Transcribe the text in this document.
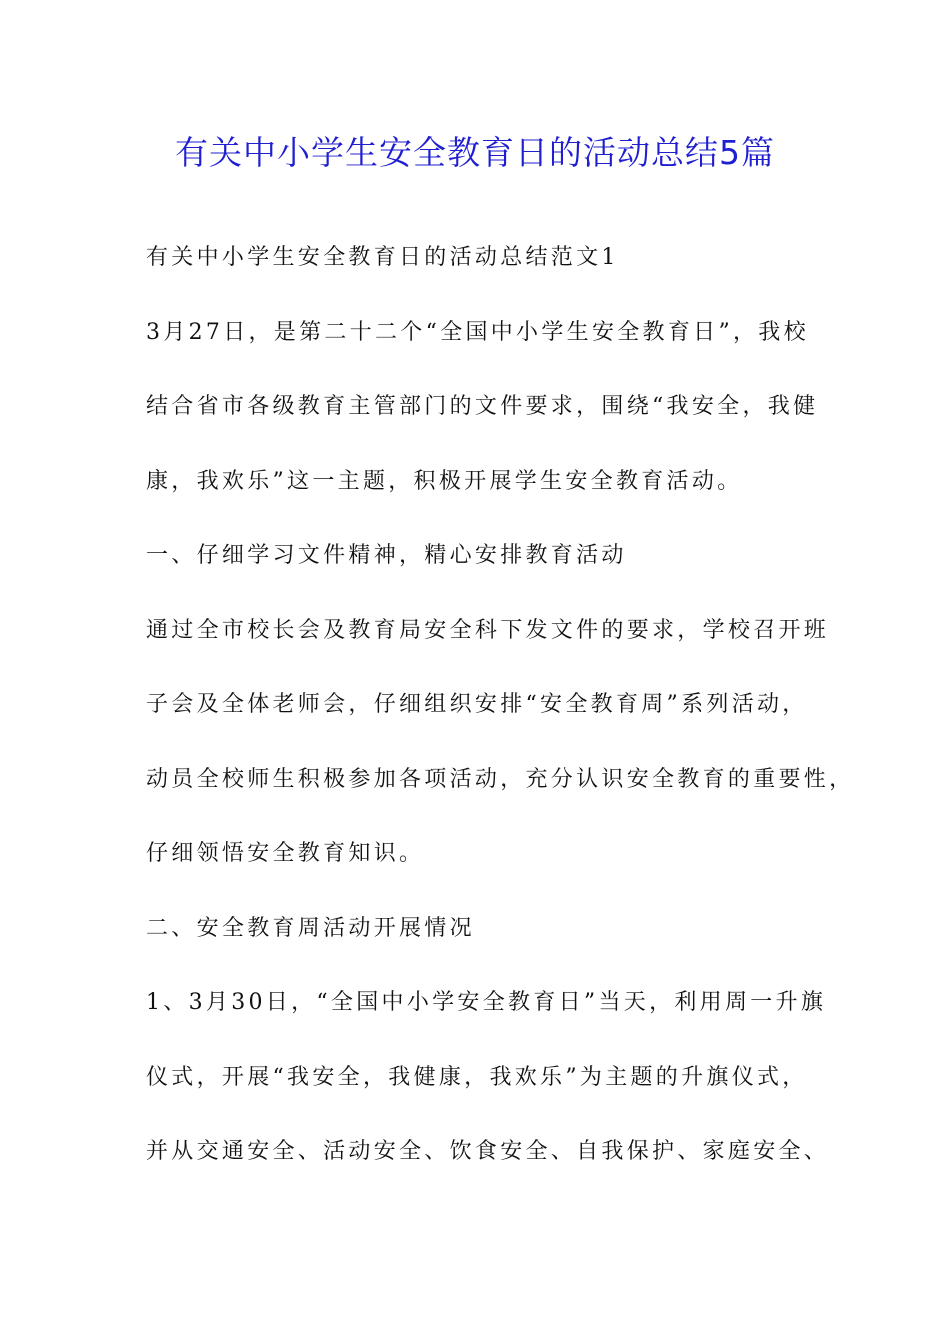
有关中小学生安全教育日的活动总结5篇
有关中小学生安全教育日的活动总结范文1
3月27日，是第二十二个“全国中小学生安全教育日”，我校
结合省市各级教育主管部门的文件要求，围绕“我安全，我健
康，我欢乐”这一主题，积极开展学生安全教育活动。
一、仔细学习文件精神，精心安排教育活动
通过全市校长会及教育局安全科下发文件的要求，学校召开班
子会及全体老师会，仔细组织安排“安全教育周”系列活动，
动员全校师生积极参加各项活动，充分认识安全教育的重要性，
仔细领悟安全教育知识。
二、安全教育周活动开展情况
1、3月30日，“全国中小学安全教育日”当天，利用周一升旗
仪式，开展“我安全，我健康，我欢乐”为主题的升旗仪式，
并从交通安全、活动安全、饮食安全、自我保护、家庭安全、
